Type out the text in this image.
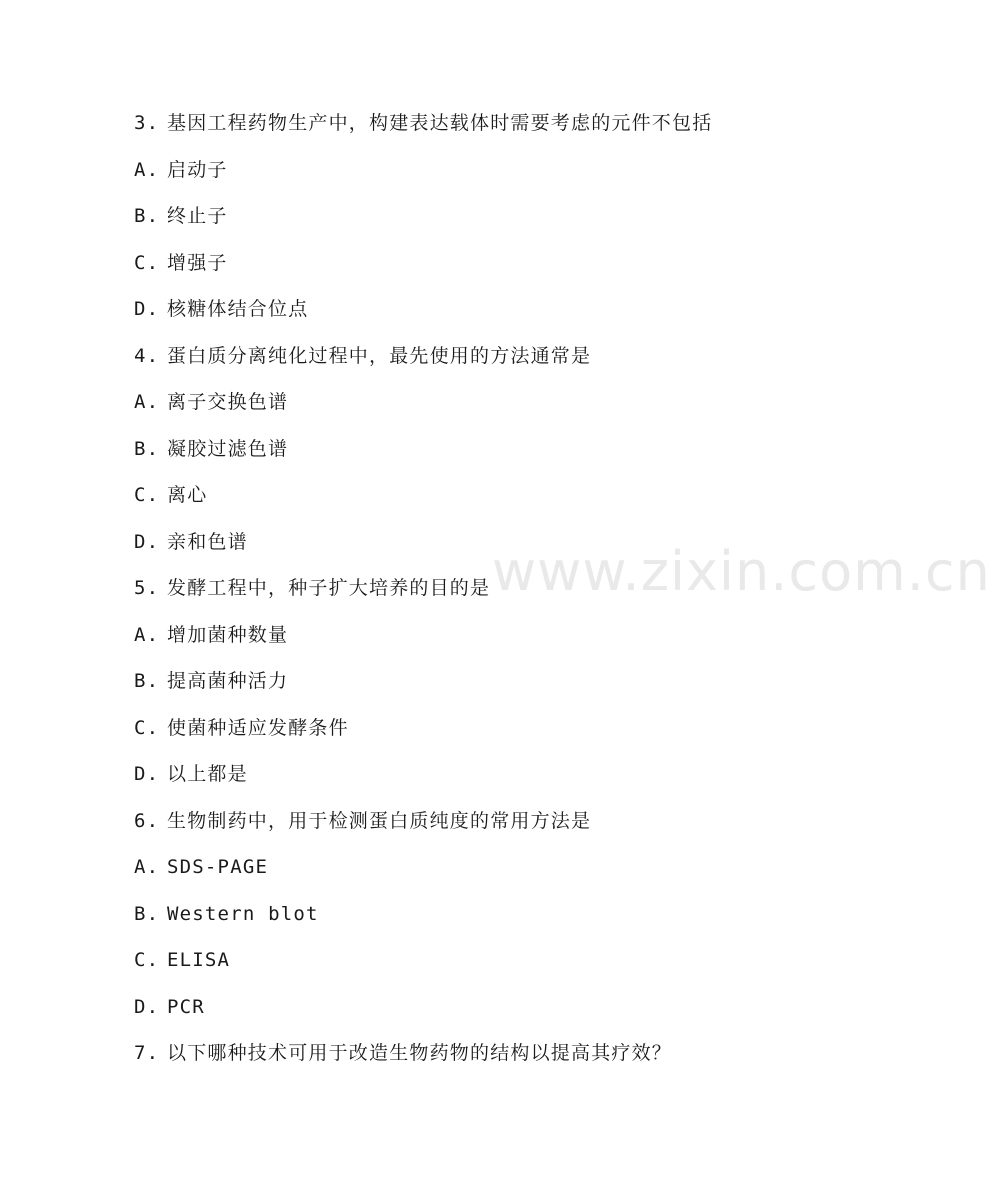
www.zixin.com.cn
3. 基因工程药物生产中，构建表达载体时需要考虑的元件不包括
A. 启动子
B. 终止子
C. 增强子
D. 核糖体结合位点
4. 蛋白质分离纯化过程中，最先使用的方法通常是
A. 离子交换色谱
B. 凝胶过滤色谱
C. 离心
D. 亲和色谱
5. 发酵工程中，种子扩大培养的目的是
A. 增加菌种数量
B. 提高菌种活力
C. 使菌种适应发酵条件
D. 以上都是
6. 生物制药中，用于检测蛋白质纯度的常用方法是
A. SDS-PAGE
B. Western blot
C. ELISA
D. PCR
7. 以下哪种技术可用于改造生物药物的结构以提高其疗效？
